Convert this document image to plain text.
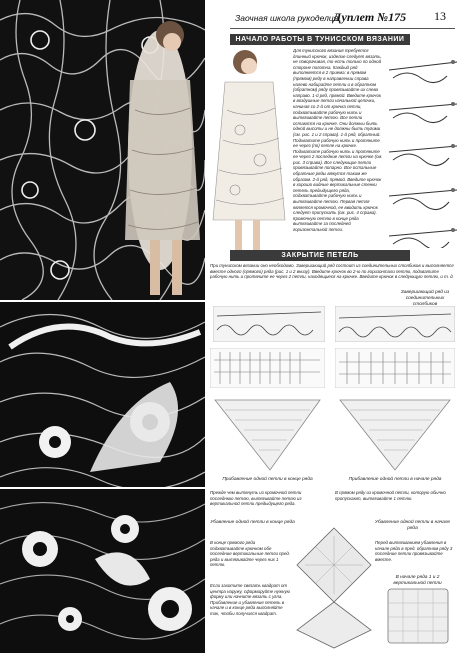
Заочная школа рукоделия
Дуплет №175 13
НАЧАЛО РАБОТЫ В ТУНИССКОМ ВЯЗАНИИ
Для тунисского вязания требуется длинный крючок, изделие следует вязать, не поворачивая, то есть только по одной стороне полотна. Каждый ряд выполняется в 2 приема: в прямом (прямом) ряду в направлении справа налево набирайте петли и в обратном (обратном) ряду провязывайте их слева направо. 1-й ряд, прямой. Введите крючок в воздушные петли начальной цепочки, начиная со 2-й от крючка петли, подхватывайте рабочую нить и вытягивайте петлю. Все петли остаются на крючке. Они должны быть одной высоты и не должны быть тугими (см. рис. 1 и 2 справа). 1-й ряд, обратный. Подхватите рабочую нить и протяните ее через (по) петле на крючке. Подхватите рабочую нить и протяните ее через 2 последние петли на крючке (см. рис. 3 справа). Все следующие петли провязывайте попарно. Все остальные обратные ряды вяжутся таким же образом. 2-й ряд, прямой. Введите крючок в хорошо видные вертикальные стенки петель предыдущего ряда, подхватывайте рабочую нить и вытягивайте петлю. Первая петля является кромочной, ее вводить крючок следует пропускать (см. рис. 4 справа). Кромочную петлю в конце ряда вытягивайте за последней горизонтальной петли.
ЗАКРЫТИЕ ПЕТЕЛЬ
При тунисском вязании оно необходимо. Завершающий ряд состоит из соединительных столбиков и выполняется вместе одного (прямого) ряда (рис. 1 и 2 внизу). Введите крючок во 2-ю по горизонтали петлю, подхватите рабочую нить и протяните ее через 2 петли, находящиеся на крючке. Введите крючок в следующую петлю, и т. д.
Завершающий ряд из соединительных столбиков
Прибавление одной петли в конце ряда	Прибавление одной петли в начале ряда
Прежде чем вытянуть из кромочной петли последнюю петлю, вытягивайте петлю из вертикальной петли предыдущего ряда.
В прямом ряду из кромочной петли, которую обычно пропускают, вытягивайте 1 петлю.
Убавление одной петли в конце ряда	Убавление одной петли в начале ряда
В конце прямого ряда подхватывайте крючком обе последние вертикальные петли пред. ряда и вытягивайте через них 1 петлю.
Перед вытягиванием убавления в начале ряда в пред. обратном ряду 3 последние петли провязывайте вместе.
Если захотите связать квадрат от центра наружу, сформируйте нужную форму или начните вязать с угла. Прибавление и убавление петель в начале и в конце ряда выполняйте так, чтобы получился квадрат.
В начале ряда 1 и 2 вертикальной петли
